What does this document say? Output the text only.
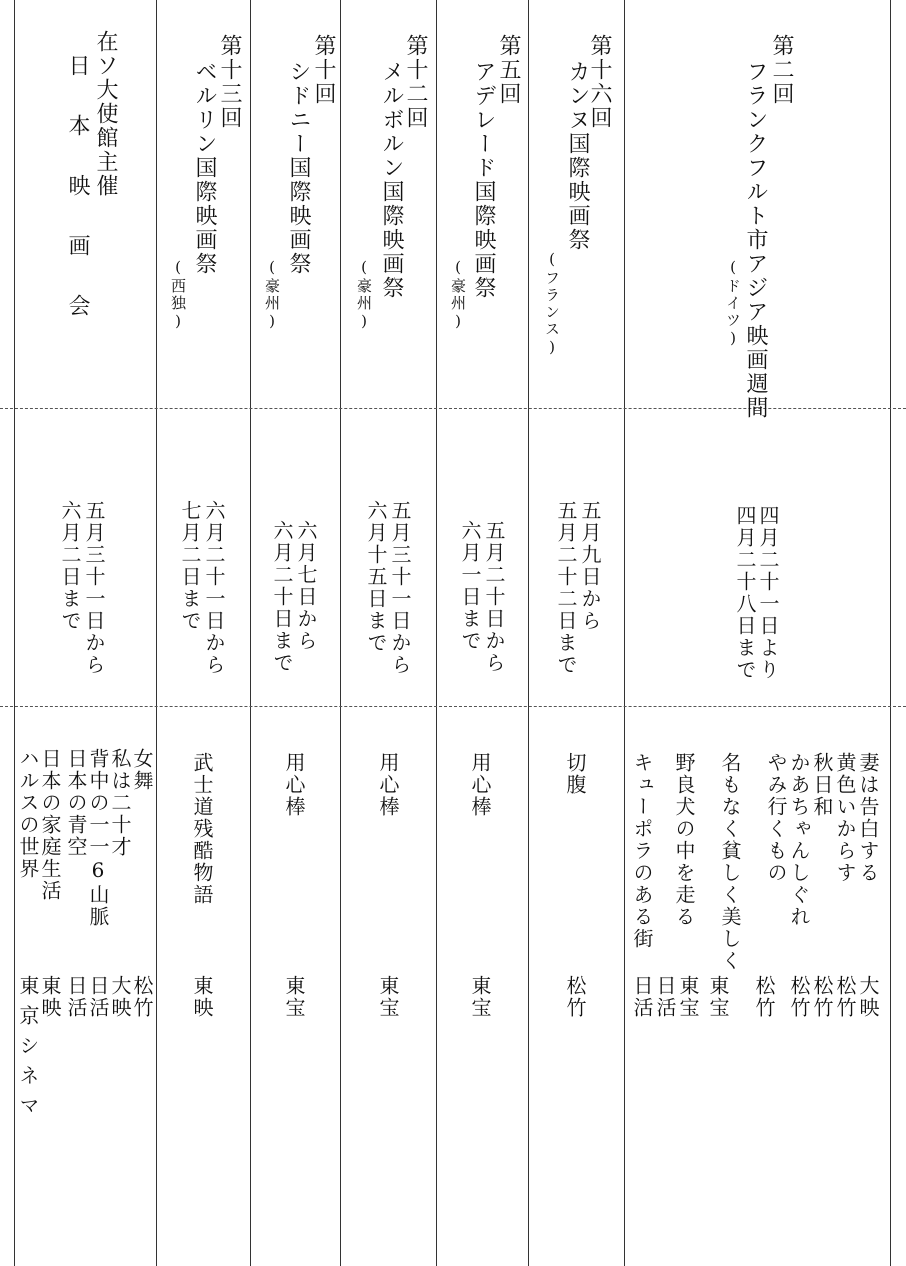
第二回
フランクフルト市アジア映画週間
(ドイツ)
四月二十一日より
四月二十八日まで
妻は告白する
黄色いからす
秋日和
かあちゃんしぐれ
やみ行くもの
名もなく貧しく美しく
野良犬の中を走る
キューポラのある街
大映
松竹
松竹
松竹
松竹
東宝
東宝
日活
日活
第十六回
カンヌ国際映画祭
(フランス)
五月九日から
五月二十二日まで
切腹
松竹
第五回
アデレード国際映画祭
(豪州)
五月二十日から
六月一日まで
用心棒
東宝
第十二回
メルボルン国際映画祭
(豪州)
五月三十一日から
六月十五日まで
用心棒
東宝
第十回
シドニー国際映画祭
(豪州)
六月七日から
六月二十日まで
用心棒
東宝
第十三回
ベルリン国際映画祭
(西独)
六月二十一日から
七月二日まで
武士道残酷物語
東映
在ソ大使館主催
日本映画会
五月三十一日から
六月二日まで
女舞
私は二十才
背中の一一6山脈
日本の青空
日本の家庭生活
ハルスの世界
松竹
大映
日活
日活
東映
東京シネマ
